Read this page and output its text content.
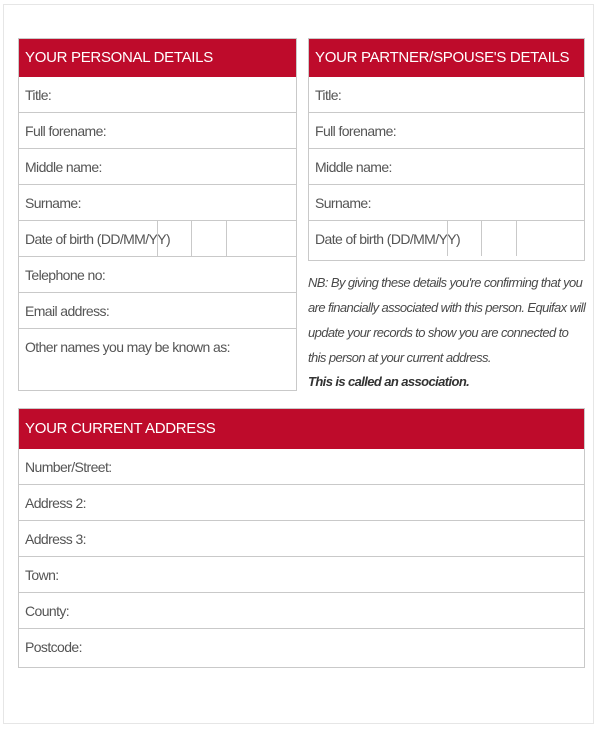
YOUR PERSONAL DETAILS
Title:
Full forename:
Middle name:
Surname:
Date of birth (DD/MM/YY)
Telephone no:
Email address:
Other names you may be known as:
YOUR PARTNER/SPOUSE'S DETAILS
Title:
Full forename:
Middle name:
Surname:
Date of birth (DD/MM/YY)
NB: By giving these details you're confirming that you are financially associated with this person. Equifax will update your records to show you are connected to this person at your current address.
This is called an association.
YOUR CURRENT ADDRESS
Number/Street:
Address 2:
Address 3:
Town:
County:
Postcode:
